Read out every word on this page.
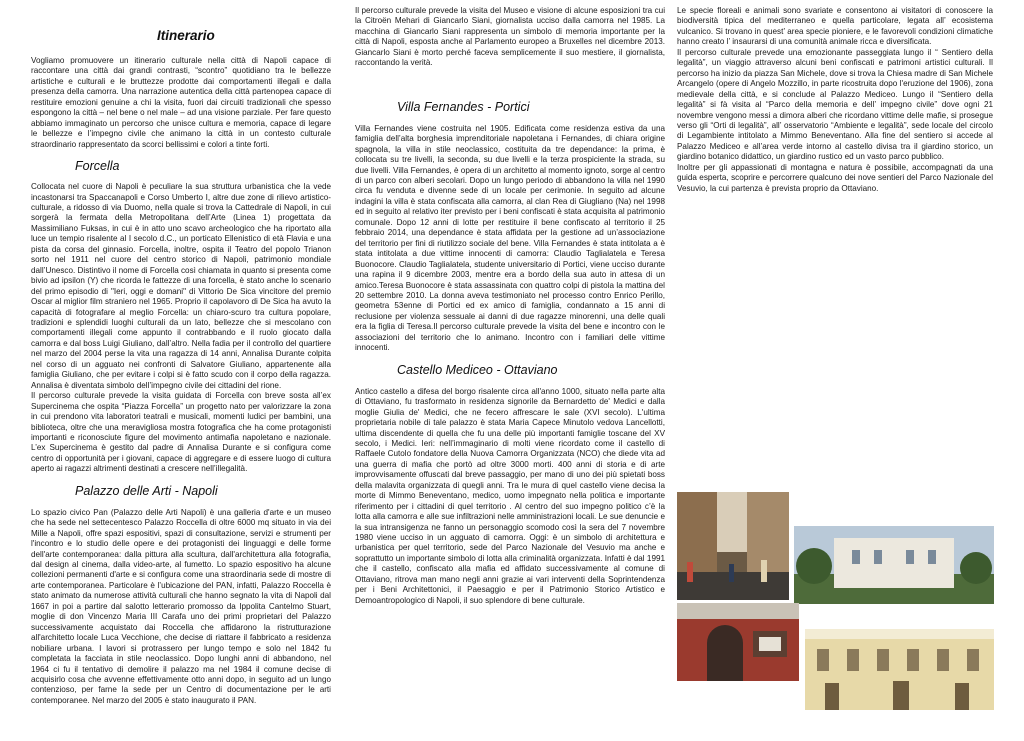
Itinerario

Vogliamo promuovere un itinerario culturale nella città di Napoli capace di raccontare una città dai grandi contrasti, “scontro” quotidiano tra le bellezze artistiche e culturali e le bruttezze prodotte dai comportamenti illegali e dalla presenza della camorra. Una narrazione autentica della città partenopea capace di restituire emozioni genuine a chi la visita, fuori dai circuiti tradizionali che spesso espongono la città – nel bene o nel male – ad una visione parziale. Per fare questo abbiamo immaginato un percorso che unisce cultura e memoria, capace di legare le bellezze e l’impegno civile che animano la città in un contesto culturale straordinario rappresentato da scorci bellissimi e colori a tinte forti.

Forcella

Collocata nel cuore di Napoli è peculiare la sua struttura urbanistica che la vede incastonarsi tra Spaccanapoli e Corso Umberto I, altre due zone di rilievo artistico-culturale, a ridosso di via Duomo, nella quale si trova la Cattedrale di Napoli, in cui sorgerà la fermata della Metropolitana dell’Arte (Linea 1) progettata da Massimiliano Fuksas, in cui è in atto uno scavo archeologico che ha riportato alla luce un tempio risalente al I secolo d.C., un porticato Ellenistico di età Flavia e una pista da corsa del ginnasio. Forcella, inoltre, ospita il Teatro del popolo Trianon sorto nel 1911 nel cuore del centro storico di Napoli, patrimonio mondiale dall’Unesco. Distintivo il nome di Forcella così chiamata in quanto si presenta come bivio ad ipsilon (Y) che ricorda le fattezze di una forcella, è stato anche lo scenario del primo episodio di "Ieri, oggi e domani" di Vittorio De Sica vincitore del premio Oscar al miglior film straniero nel 1965. Proprio il capolavoro di De Sica ha avuto la capacità di fotografare al meglio Forcella: un chiaro-scuro tra cultura popolare, tradizioni e splendidi luoghi culturali da un lato, bellezze che si mescolano con comportamenti illegali come appunto il contrabbando e il ruolo giocato dalla camorra e dal boss Luigi Giuliano, dall’altro. Nella fadia per il controllo del quartiere nel marzo del 2004 perse la vita una ragazza di 14 anni, Annalisa Durante colpita nel corso di un agguato nei confronti di Salvatore Giuliano, appartenente alla famiglia Giuliano, che per evitare i colpi si è fatto scudo con il corpo della ragazza. Annalisa è diventata simbolo dell’impegno civile dei cittadini del rione.

Il percorso culturale prevede la visita guidata di Forcella con breve sosta all’ex Supercinema che ospita “Piazza Forcella” un progetto nato per valorizzare la zona in cui prendono vita laboratori teatrali e musicali, momenti ludici per bambini, una biblioteca, oltre che una meravigliosa mostra fotografica che ha come protagonisti importanti e riconosciute figure del movimento antimafia napoletano e nazionale. L’ex Supercinema è gestito dal padre di Annalisa Durante e si configura come centro di opportunità per i giovani, capace di aggregare e di essere luogo di cultura aperto ai ragazzi altrimenti destinati a crescere nell’illegalità.

Palazzo delle Arti - Napoli

Lo spazio civico Pan (Palazzo delle Arti Napoli) è una galleria d'arte e un museo che ha sede nel settecentesco Palazzo Roccella di oltre 6000 mq situato in via dei Mille a Napoli, offre spazi espositivi, spazi di consultazione, servizi e strumenti per l'incontro e lo studio delle opere e dei protagonisti dei linguaggi e delle forme dell'arte contemporanea: dalla pittura alla scultura, dall'architettura alla fotografia, dal design al cinema, dalla video-arte, al fumetto. Lo spazio espositivo ha alcune collezioni permanenti d'arte e si configura come una straordinaria sede di mostre di arte contemporanea. Particolare è l’ubicazione del PAN, infatti, Palazzo Roccella è stato animato da numerose attività culturali che hanno segnato la vita di Napoli dal 1667 in poi a partire dal salotto letterario promosso da Ippolita Cantelmo Stuart, moglie di don Vincenzo Maria III Carafa uno dei primi proprietari del Palazzo successivamente acquistato dai Roccella che affidarono la ristrutturazione all'architetto locale Luca Vecchione, che decise di riattare il fabbricato a residenza nobiliare urbana. I lavori si protrassero per lungo tempo e solo nel 1842 fu completata la facciata in stile neoclassico. Dopo lunghi anni di abbandono, nel 1964 ci fu il tentativo di demolire il palazzo ma nel 1984 il comune decise di acquisirlo cosa che avvenne effettivamente otto anni dopo, in seguito ad un lungo contenzioso, per farne la sede per un Centro di documentazione per le arti contemporanee. Nel marzo del 2005 è stato inaugurato il PAN.

Il percorso culturale prevede la visita del Museo e visione di alcune esposizioni tra cui la Citroën Mehari di Giancarlo Siani, giornalista ucciso dalla camorra nel 1985. La macchina di Giancarlo Siani rappresenta un simbolo di memoria importante per la città di Napoli, esposta anche al Parlamento europeo a Bruxelles nel dicembre 2013. Giancarlo Siani è morto perché faceva semplicemente il suo mestiere, il giornalista, raccontando la verità.

Villa Fernandes - Portici

Villa Fernandes viene costruita nel 1905. Edificata come residenza estiva da una famiglia dell’alta borghesia imprenditoriale napoletana i Fernandes, di chiara origine spagnola, la villa in stile neoclassico, costituita da tre dependance: la prima, è collocata su tre livelli, la seconda, su due livelli e la terza prospiciente la strada, su due livelli. Villa Fernandes, è opera di un architetto al momento ignoto, sorge al centro di un parco con alberi secolari. Dopo un lungo periodo di abbandono la villa nel 1990 circa fu venduta e divenne sede di un locale per cerimonie. In seguito ad alcune indagini la villa è stata confiscata alla camorra, al clan Rea di Giugliano (Na) nel 1998 ed in seguito al relativo iter previsto per i beni confiscati è stata acquisita al patrimonio comunale. Dopo 12 anni di lotte per restituire il bene confiscato al territorio il 25 febbraio 2014, una dependance è stata affidata per la gestione ad un’associazione del territorio per fini di riutilizzo sociale del bene. Villa Fernandes è stata intitolata a è stata intitolata a due vittime innocenti di camorra: Claudio Taglialatela e Teresa Buonocore. Claudio Taglialatela, studente universitario di Portici, viene ucciso durante una rapina il 9 dicembre 2003, mentre era a bordo della sua auto in attesa di un amico.Teresa Buonocore è stata assassinata con quattro colpi di pistola la mattina del 20 settembre 2010. La donna aveva testimoniato nel processo contro Enrico Perillo, geometra 53enne di Portici ed ex amico di famiglia, condannato a 15 anni di reclusione per violenza sessuale ai danni di due ragazze minorenni, una delle quali era la figlia di Teresa.Il percorso culturale prevede la visita del bene e incontro con le associazioni del territorio che lo animano. Incontro con i familiari delle vittime innocenti.

Castello Mediceo - Ottaviano

Antico castello a difesa del borgo risalente circa all'anno 1000, situato nella parte alta di Ottaviano, fu trasformato in residenza signorile da Bernardetto de' Medici e dalla moglie Giulia de' Medici, che ne fecero affrescare le sale (XVI secolo). L'ultima proprietaria nobile di tale palazzo è stata Maria Capece Minutolo vedova Lancellotti, ultima discendente di quella che fu una delle più importanti famiglie toscane del XV secolo, i Medici. Ieri: nell’immaginario di molti viene ricordato come il castello di Raffaele Cutolo fondatore della Nuova Camorra Organizzata (NCO) che diede vita ad una guerra di mafia che portò ad oltre 3000 morti. 400 anni di storia e di arte improvvisamente offuscati dal breve passaggio, per mano di uno dei più spietati boss della malavita organizzata di quegli anni. Tra le mura di quel castello viene decisa la morte di Mimmo Beneventano, medico, uomo impegnato nella politica e importante riferimento per i cittadini di quel territorio . Al centro del suo impegno politico c’è la lotta alla camorra e alle sue infiltrazioni nelle amministrazioni locali. Le sue denuncie e la sua intransigenza ne fanno un personaggio scomodo così la sera del 7 novembre 1980 viene ucciso in un agguato di camorra. Oggi: è un simbolo di architettura e urbanistica per quel territorio, sede del Parco Nazionale del Vesuvio ma anche e soprattutto un importante simbolo di lotta alla criminalità organizzata. Infatti è dal 1991 che il castello, confiscato alla mafia ed affidato successivamente al comune di Ottaviano, ritrova man mano negli anni grazie ai vari interventi della Soprintendenza per i Beni Architettonici, il Paesaggio e per il Patrimonio Storico Artistico e Demoantropologico di Napoli, il suo splendore di bene culturale.

Le specie floreali e animali sono svariate e consentono ai visitatori di conoscere la biodiversità tipica del mediterraneo e quella particolare, legata all’ ecosistema vulcanico. Si trovano in quest’ area specie pioniere, e le favorevoli condizioni climatiche hanno creato l’ insaurarsi di una comunità animale ricca e diversificata.

Il percorso culturale prevede una emozionante passeggiata lungo il “ Sentiero della legalità”, un viaggio attraverso alcuni beni confiscati e patrimoni artistici culturali. Il percorso ha inizio da piazza San Michele, dove si trova la Chiesa madre di San Michele Arcangelo (opere di Angelo Mozzillo, in parte ricostruita dopo l'eruzione del 1906), zona medievale della città, e si conclude al Palazzo Mediceo. Lungo il “Sentiero della legalità” si fà visita al “Parco della memoria e dell’ impegno civile” dove ogni 21 novembre vengono messi a dimora alberi che ricordano vittime delle mafie, si prosegue verso gli “Orti di legalità”, all’ osservatorio “Ambiente e legalità”, sede locale del circolo di Legambiente intitolato a Mimmo Beneventano. Alla fine del sentiero si accede al Palazzo Mediceo e all’area verde intorno al castello divisa tra il giardino storico, un giardino botanico didattico, un giardino rustico ed un vasto parco pubblico.

Inoltre per gli appassionati di montagna e natura è possibile, accompagnati da una guida esperta, scoprire e percorrere qualcuno dei nove sentieri del Parco Nazionale del Vesuvio, la cui partenza è prevista proprio da Ottaviano.
